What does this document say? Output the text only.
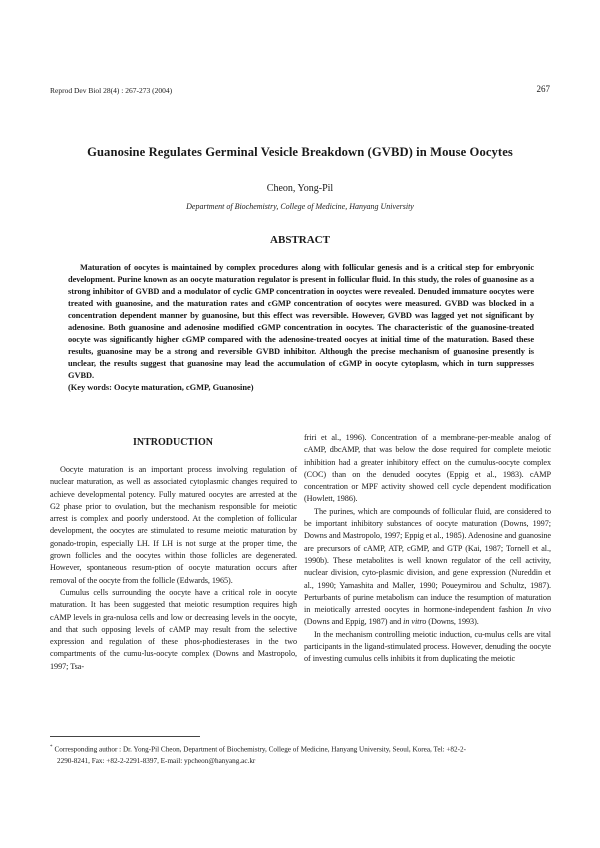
Reprod Dev Biol 28(4) : 267-273 (2004)	267
Guanosine Regulates Germinal Vesicle Breakdown (GVBD) in Mouse Oocytes
Cheon, Yong-Pil
Department of Biochemistry, College of Medicine, Hanyang University
ABSTRACT

Maturation of oocytes is maintained by complex procedures along with follicular genesis and is a critical step for embryonic development. Purine known as an oocyte maturation regulator is present in follicular fluid. In this study, the roles of guanosine as a strong inhibitor of GVBD and a modulator of cyclic GMP concentration in ooyctes were revealed. Denuded immature oocytes were treated with guanosine, and the maturation rates and cGMP concentration of oocytes were measured. GVBD was blocked in a concentration dependent manner by guanosine, but this effect was reversible. However, GVBD was lagged yet not significant by adenosine. Both guanosine and adenosine modified cGMP concentration in oocytes. The characteristic of the guanosine-treated oocyte was significantly higher cGMP compared with the adenosine-treated oocyes at initial time of the maturation. Based these results, guanosine may be a strong and reversible GVBD inhibitor. Although the precise mechanism of guanosine presently is unclear, the results suggest that guanosine may lead the accumulation of cGMP in oocyte cytoplasm, which in turn suppresses GVBD.

(Key words: Oocyte maturation, cGMP, Guanosine)

INTRODUCTION

Oocyte maturation is an important process involving regulation of nuclear maturation, as well as associated cytoplasmic changes required to achieve developmental potency. Fully matured oocytes are arrested at the G2 phase prior to ovulation, but the mechanism responsible for meiotic arrest is complex and poorly understood. At the completion of follicular development, the oocytes are stimulated to resume meiotic maturation by gonado-tropin, especially LH. If LH is not surge at the proper time, the grown follicles and the oocytes within those follicles are degenerated. However, spontaneous resum-ption of oocyte maturation occurs after removal of the oocyte from the follicle (Edwards, 1965).

Cumulus cells surrounding the oocyte have a critical role in oocyte maturation. It has been suggested that meiotic resumption requires high cAMP levels in gra-nulosa cells and low or decreasing levels in the oocyte, and that such opposing levels of cAMP may result from the selective expression and regulation of these phos-phodiesterases in the two compartments of the cumu-lus-oocyte complex (Downs and Mastropolo, 1997; Tsa-

friri et al., 1996). Concentration of a membrane-per-meable analog of cAMP, dbcAMP, that was below the dose required for complete meiotic inhibition had a greater inhibitory effect on the cumulus-oocyte complex (COC) than on the denuded oocytes (Eppig et al., 1983). cAMP concentration or MPF activity showed cell cycle dependent modification (Howlett, 1986).

The purines, which are compounds of follicular fluid, are considered to be important inhibitory substances of oocyte maturation (Downs, 1997; Downs and Mastropolo, 1997; Eppig et al., 1985). Adenosine and guanosine are precursors of cAMP, ATP, cGMP, and GTP (Kai, 1987; Tornell et al., 1990b). These metabolites is well known regulator of the cell activity, nuclear division, cyto-plasmic division, and gene expression (Nureddin et al., 1990; Yamashita and Maller, 1990; Poueymirou and Schultz, 1987). Perturbants of purine metabolism can induce the resumption of maturation in meiotically arrested oocytes in hormone-independent fashion In vivo (Downs and Eppig, 1987) and in vitro (Downs, 1993).

In the mechanism controlling meiotic induction, cu-mulus cells are vital participants in the ligand-stimulated process. However, denuding the oocyte of investing cumulus cells inhibits it from duplicating the meiotic

* Corresponding author : Dr. Yong-Pil Cheon, Department of Biochemistry, College of Medicine, Hanyang University, Seoul, Korea, Tel: +82-2-
2290-8241, Fax: +82-2-2291-8397, E-mail: ypcheon@hanyang.ac.kr
